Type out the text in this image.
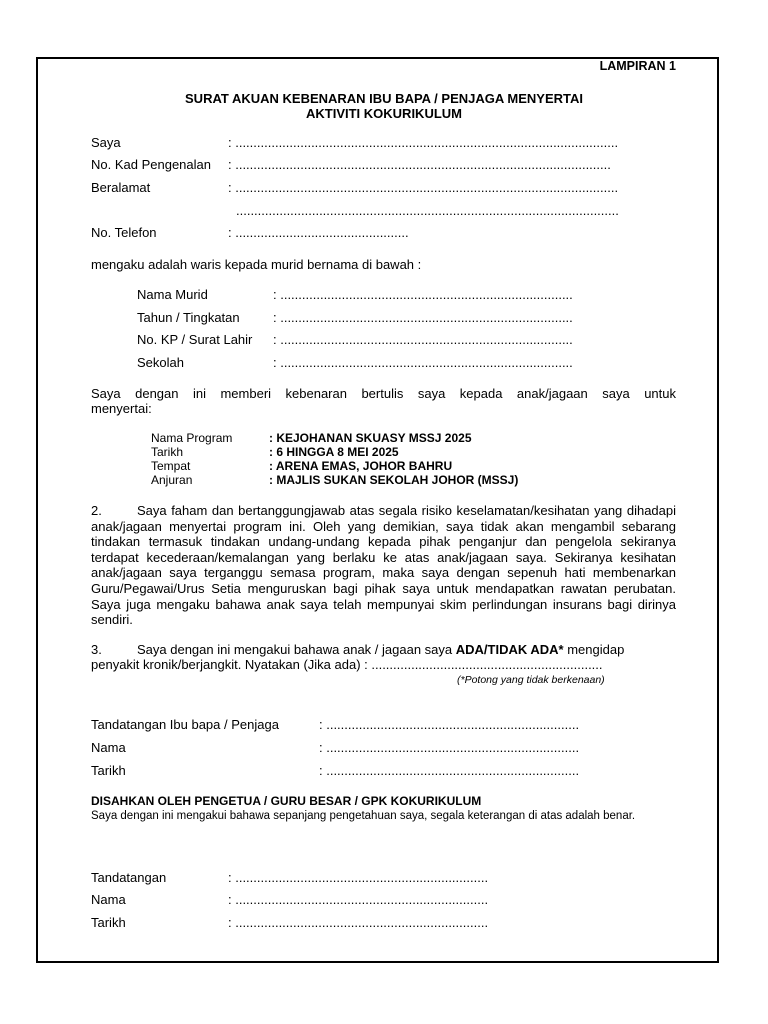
LAMPIRAN 1
SURAT AKUAN KEBENARAN IBU BAPA / PENJAGA MENYERTAI
AKTIVITI KOKURIKULUM
Saya	: ..........................................................................................................
No. Kad Pengenalan : ........................................................................................................
Beralamat	: ..........................................................................................................
..........................................................................................................
No. Telefon	: ................................................
mengaku adalah waris kepada murid bernama di bawah :
Nama Murid	: .................................................................................
Tahun / Tingkatan	: .................................................................................
No. KP / Surat Lahir : .................................................................................
Sekolah	: .................................................................................
Saya dengan ini memberi kebenaran bertulis saya kepada anak/jagaan saya untuk
menyertai:
Nama Program	: KEJOHANAN SKUASY MSSJ 2025
Tarikh	: 6 HINGGA 8 MEI 2025
Tempat	: ARENA EMAS, JOHOR BAHRU
Anjuran	: MAJLIS SUKAN SEKOLAH JOHOR (MSSJ)
2.	Saya faham dan bertanggungjawab atas segala risiko keselamatan/kesihatan yang dihadapi anak/jagaan menyertai program ini. Oleh yang demikian, saya tidak akan mengambil sebarang tindakan termasuk tindakan undang-undang kepada pihak penganjur dan pengelola sekiranya terdapat kecederaan/kemalangan yang berlaku ke atas anak/jagaan saya. Sekiranya kesihatan anak/jagaan saya terganggu semasa program, maka saya dengan sepenuh hati membenarkan Guru/Pegawai/Urus Setia menguruskan bagi pihak saya untuk mendapatkan rawatan perubatan. Saya juga mengaku bahawa anak saya telah mempunyai skim perlindungan insurans bagi dirinya sendiri.
3.	Saya dengan ini mengakui bahawa anak / jagaan saya ADA/TIDAK ADA* mengidap
penyakit kronik/berjangkit. Nyatakan (Jika ada) : ................................................................
(*Potong yang tidak berkenaan)
Tandatangan Ibu bapa / Penjaga	: ......................................................................
Nama	: ......................................................................
Tarikh	: ......................................................................
DISAHKAN OLEH PENGETUA / GURU BESAR / GPK KOKURIKULUM
Saya dengan ini mengakui bahawa sepanjang pengetahuan saya, segala keterangan di atas adalah benar.
Tandatangan	: ......................................................................
Nama	: ......................................................................
Tarikh	: ......................................................................
